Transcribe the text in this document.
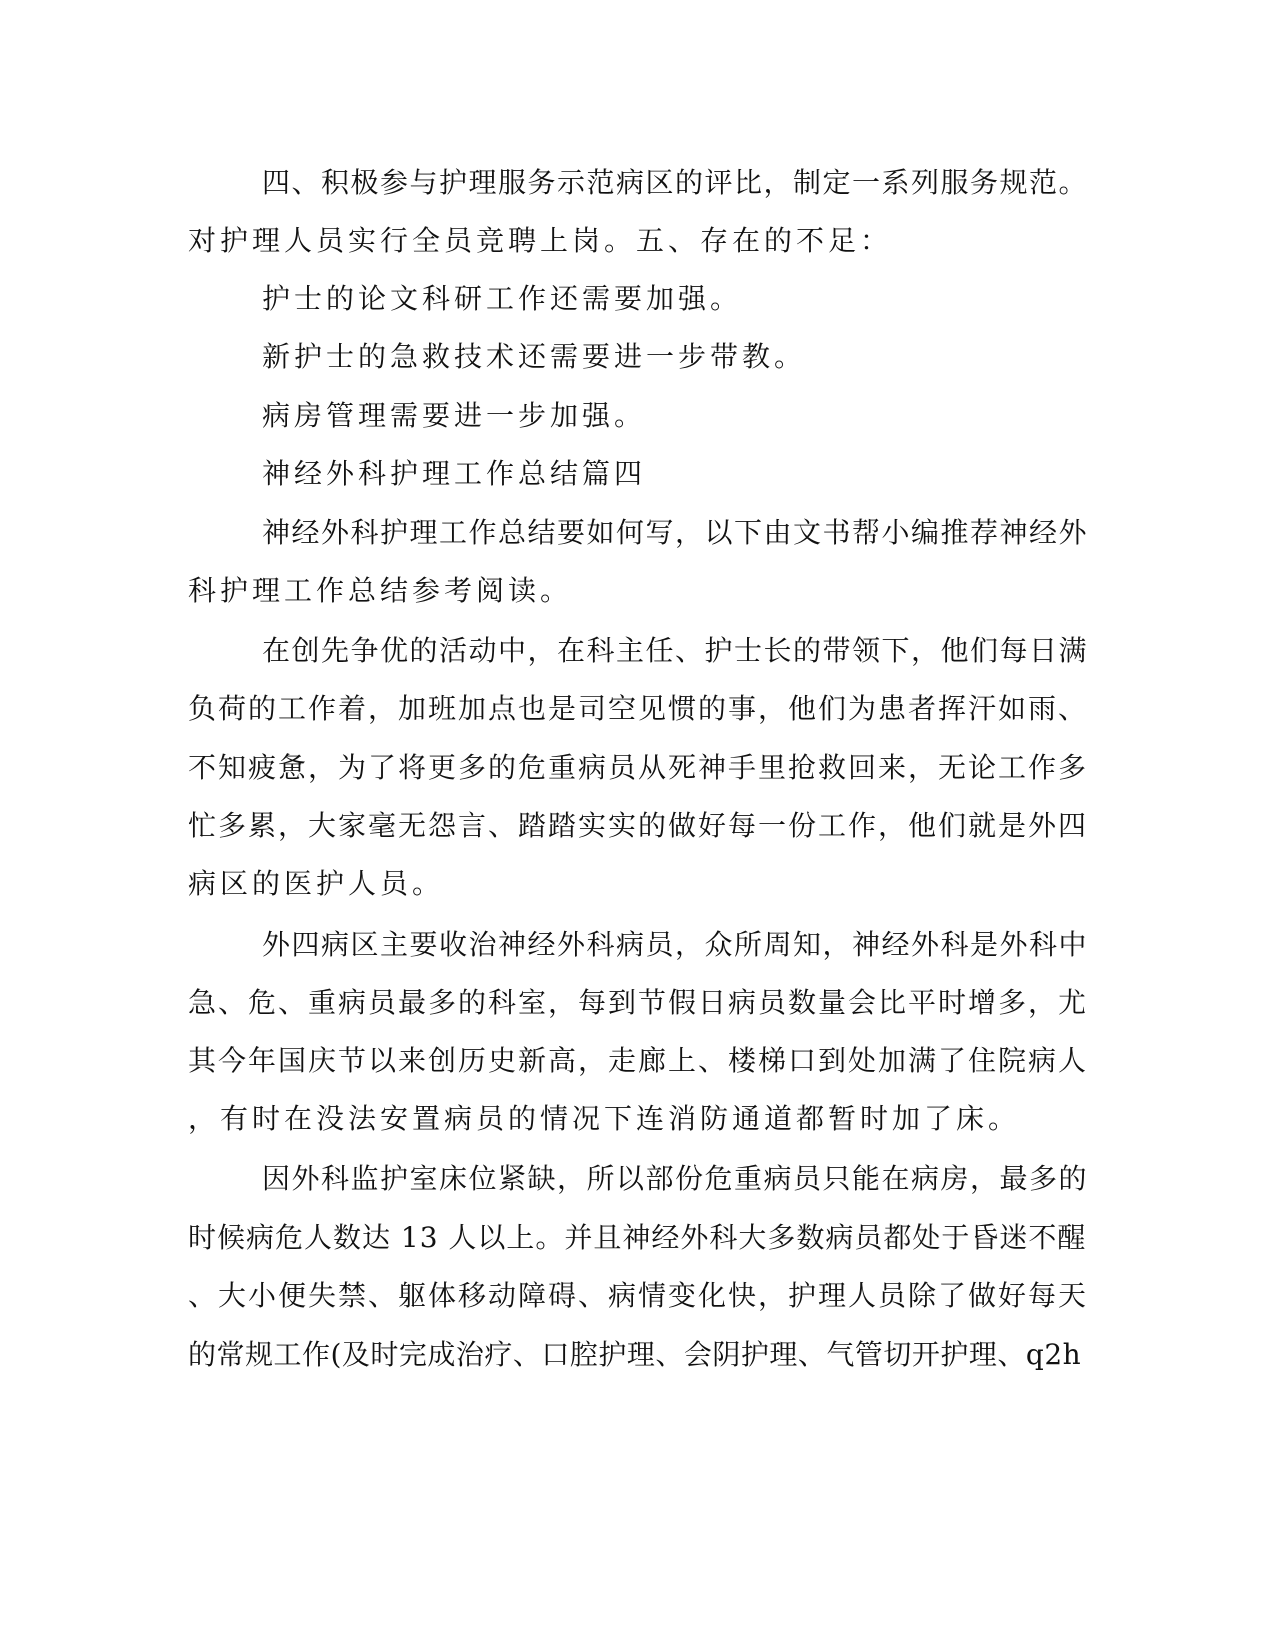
四、积极参与护理服务示范病区的评比，制定一系列服务规范。

对护理人员实行全员竞聘上岗。五、存在的不足：

护士的论文科研工作还需要加强。

新护士的急救技术还需要进一步带教。

病房管理需要进一步加强。

神经外科护理工作总结篇四

神经外科护理工作总结要如何写，以下由文书帮小编推荐神经外

科护理工作总结参考阅读。

在创先争优的活动中，在科主任、护士长的带领下，他们每日满

负荷的工作着，加班加点也是司空见惯的事，他们为患者挥汗如雨、

不知疲惫，为了将更多的危重病员从死神手里抢救回来，无论工作多

忙多累，大家毫无怨言、踏踏实实的做好每一份工作，他们就是外四

病区的医护人员。

外四病区主要收治神经外科病员，众所周知，神经外科是外科中

急、危、重病员最多的科室，每到节假日病员数量会比平时增多，尤

其今年国庆节以来创历史新高，走廊上、楼梯口到处加满了住院病人

，有时在没法安置病员的情况下连消防通道都暂时加了床。

因外科监护室床位紧缺，所以部份危重病员只能在病房，最多的

时候病危人数达 13 人以上。并且神经外科大多数病员都处于昏迷不醒

、大小便失禁、躯体移动障碍、病情变化快，护理人员除了做好每天

的常规工作(及时完成治疗、口腔护理、会阴护理、气管切开护理、q2h
